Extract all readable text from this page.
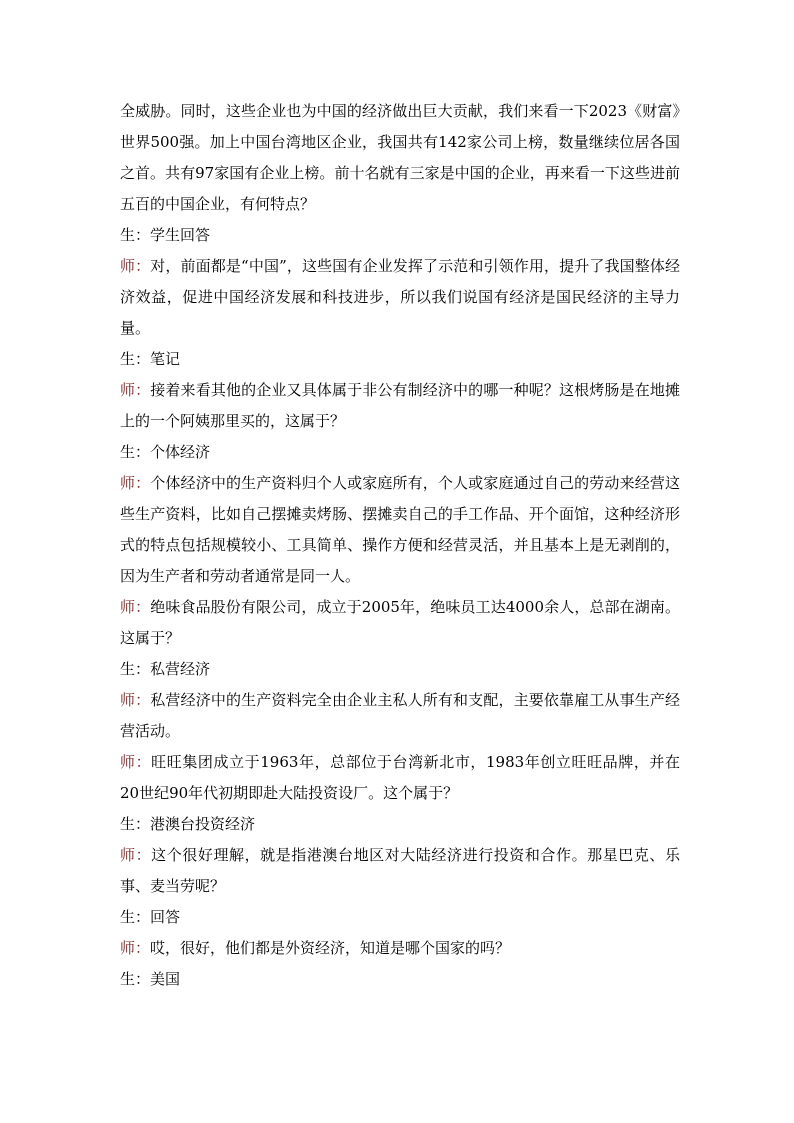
全威胁。同时，这些企业也为中国的经济做出巨大贡献，我们来看一下2023《财富》世界500强。加上中国台湾地区企业，我国共有142家公司上榜，数量继续位居各国之首。共有97家国有企业上榜。前十名就有三家是中国的企业，再来看一下这些进前五百的中国企业，有何特点？

生：学生回答

师：对，前面都是“中国”，这些国有企业发挥了示范和引领作用，提升了我国整体经济效益，促进中国经济发展和科技进步，所以我们说国有经济是国民经济的主导力量。

生：笔记

师：接着来看其他的企业又具体属于非公有制经济中的哪一种呢？这根烤肠是在地摊上的一个阿姨那里买的，这属于？

生：个体经济

师：个体经济中的生产资料归个人或家庭所有，个人或家庭通过自己的劳动来经营这些生产资料，比如自己摆摊卖烤肠、摆摊卖自己的手工作品、开个面馆，这种经济形式的特点包括规模较小、工具简单、操作方便和经营灵活，并且基本上是无剥削的，因为生产者和劳动者通常是同一人。

师：绝味食品股份有限公司，成立于2005年，绝味员工达4000余人，总部在湖南。这属于？

生：私营经济

师：私营经济中的生产资料完全由企业主私人所有和支配，主要依靠雇工从事生产经营活动。

师：旺旺集团成立于1963年，总部位于台湾新北市，1983年创立旺旺品牌，并在20世纪90年代初期即赴大陆投资设厂。这个属于？

生：港澳台投资经济

师：这个很好理解，就是指港澳台地区对大陆经济进行投资和合作。那星巴克、乐事、麦当劳呢？

生：回答

师：哎，很好，他们都是外资经济，知道是哪个国家的吗？

生：美国
